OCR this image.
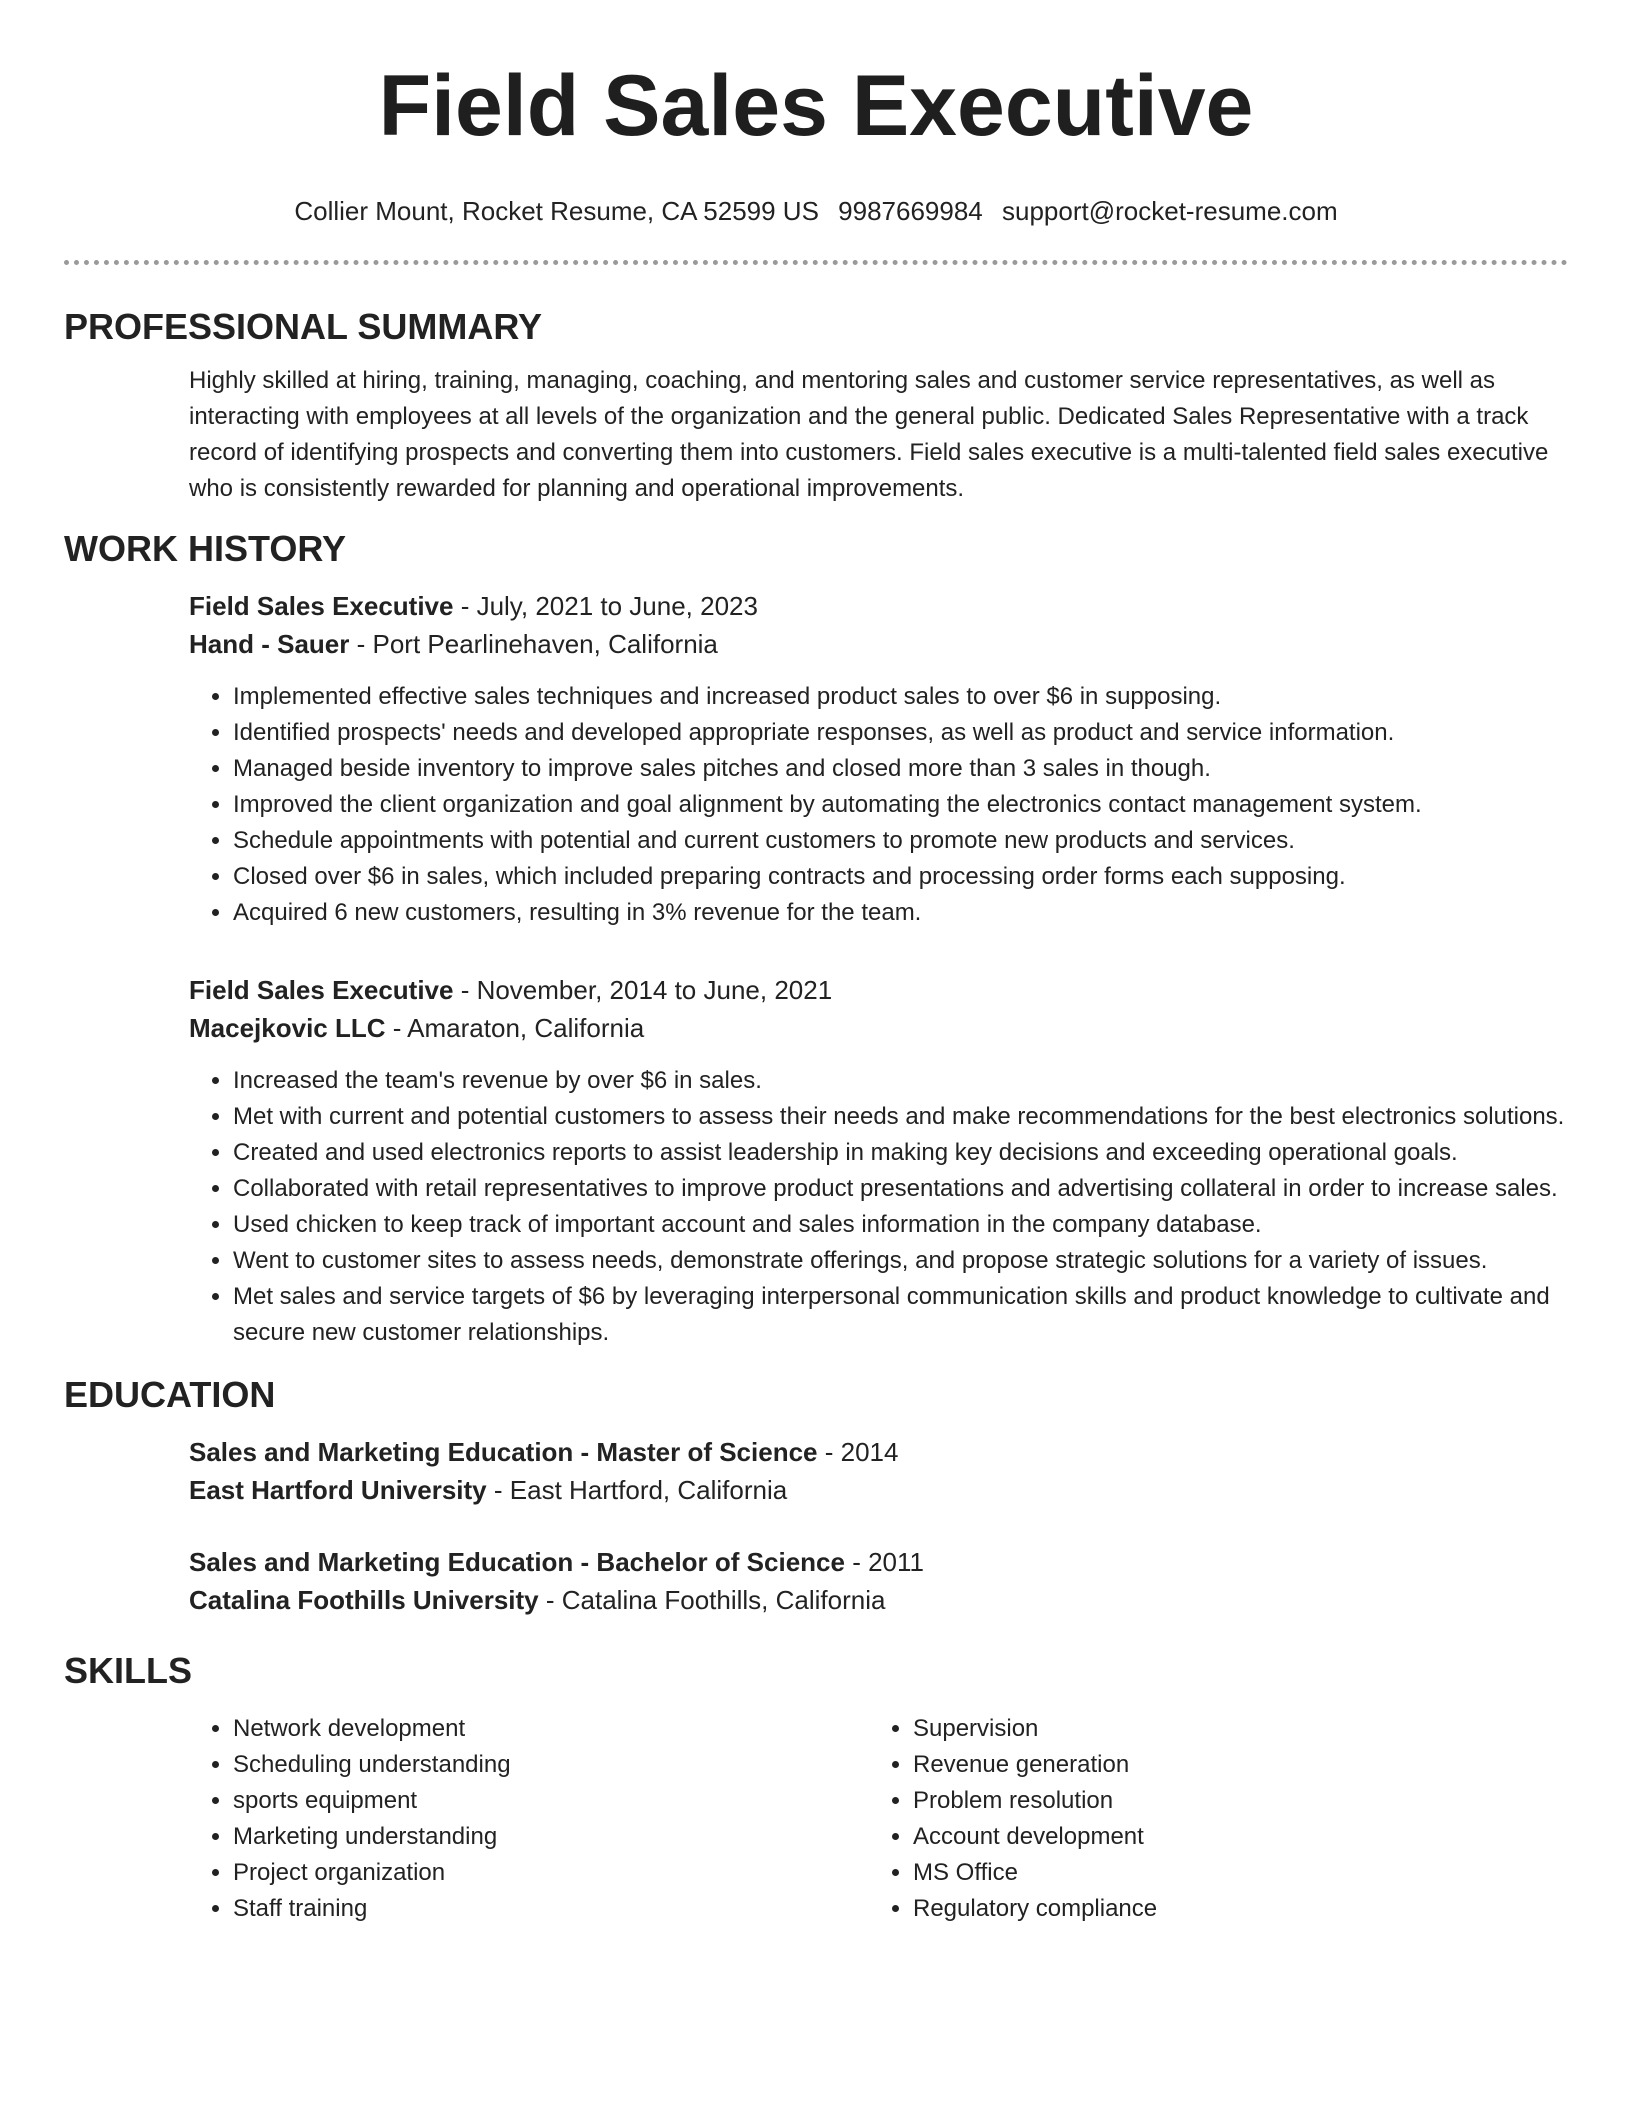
Field Sales Executive
Collier Mount, Rocket Resume, CA 52599 US 9987669984 support@rocket-resume.com
PROFESSIONAL SUMMARY

Highly skilled at hiring, training, managing, coaching, and mentoring sales and customer service representatives, as well as interacting with employees at all levels of the organization and the general public. Dedicated Sales Representative with a track record of identifying prospects and converting them into customers. Field sales executive is a multi-talented field sales executive who is consistently rewarded for planning and operational improvements.

WORK HISTORY
Field Sales Executive - July, 2021 to June, 2023
Hand - Sauer - Port Pearlinehaven, California
• Implemented effective sales techniques and increased product sales to over $6 in supposing.
• Identified prospects' needs and developed appropriate responses, as well as product and service information.
• Managed beside inventory to improve sales pitches and closed more than 3 sales in though.
• Improved the client organization and goal alignment by automating the electronics contact management system.
• Schedule appointments with potential and current customers to promote new products and services.
• Closed over $6 in sales, which included preparing contracts and processing order forms each supposing.
• Acquired 6 new customers, resulting in 3% revenue for the team.
Field Sales Executive - November, 2014 to June, 2021
Macejkovic LLC - Amaraton, California
• Increased the team's revenue by over $6 in sales.
• Met with current and potential customers to assess their needs and make recommendations for the best electronics solutions.
• Created and used electronics reports to assist leadership in making key decisions and exceeding operational goals.
• Collaborated with retail representatives to improve product presentations and advertising collateral in order to increase sales.
• Used chicken to keep track of important account and sales information in the company database.
• Went to customer sites to assess needs, demonstrate offerings, and propose strategic solutions for a variety of issues.
• Met sales and service targets of $6 by leveraging interpersonal communication skills and product knowledge to cultivate and secure new customer relationships.
EDUCATION
Sales and Marketing Education - Master of Science - 2014
East Hartford University - East Hartford, California
Sales and Marketing Education - Bachelor of Science - 2011
Catalina Foothills University - Catalina Foothills, California
SKILLS
• Network development
• Scheduling understanding
• sports equipment
• Marketing understanding
• Project organization
• Staff training
• Supervision
• Revenue generation
• Problem resolution
• Account development
• MS Office
• Regulatory compliance
